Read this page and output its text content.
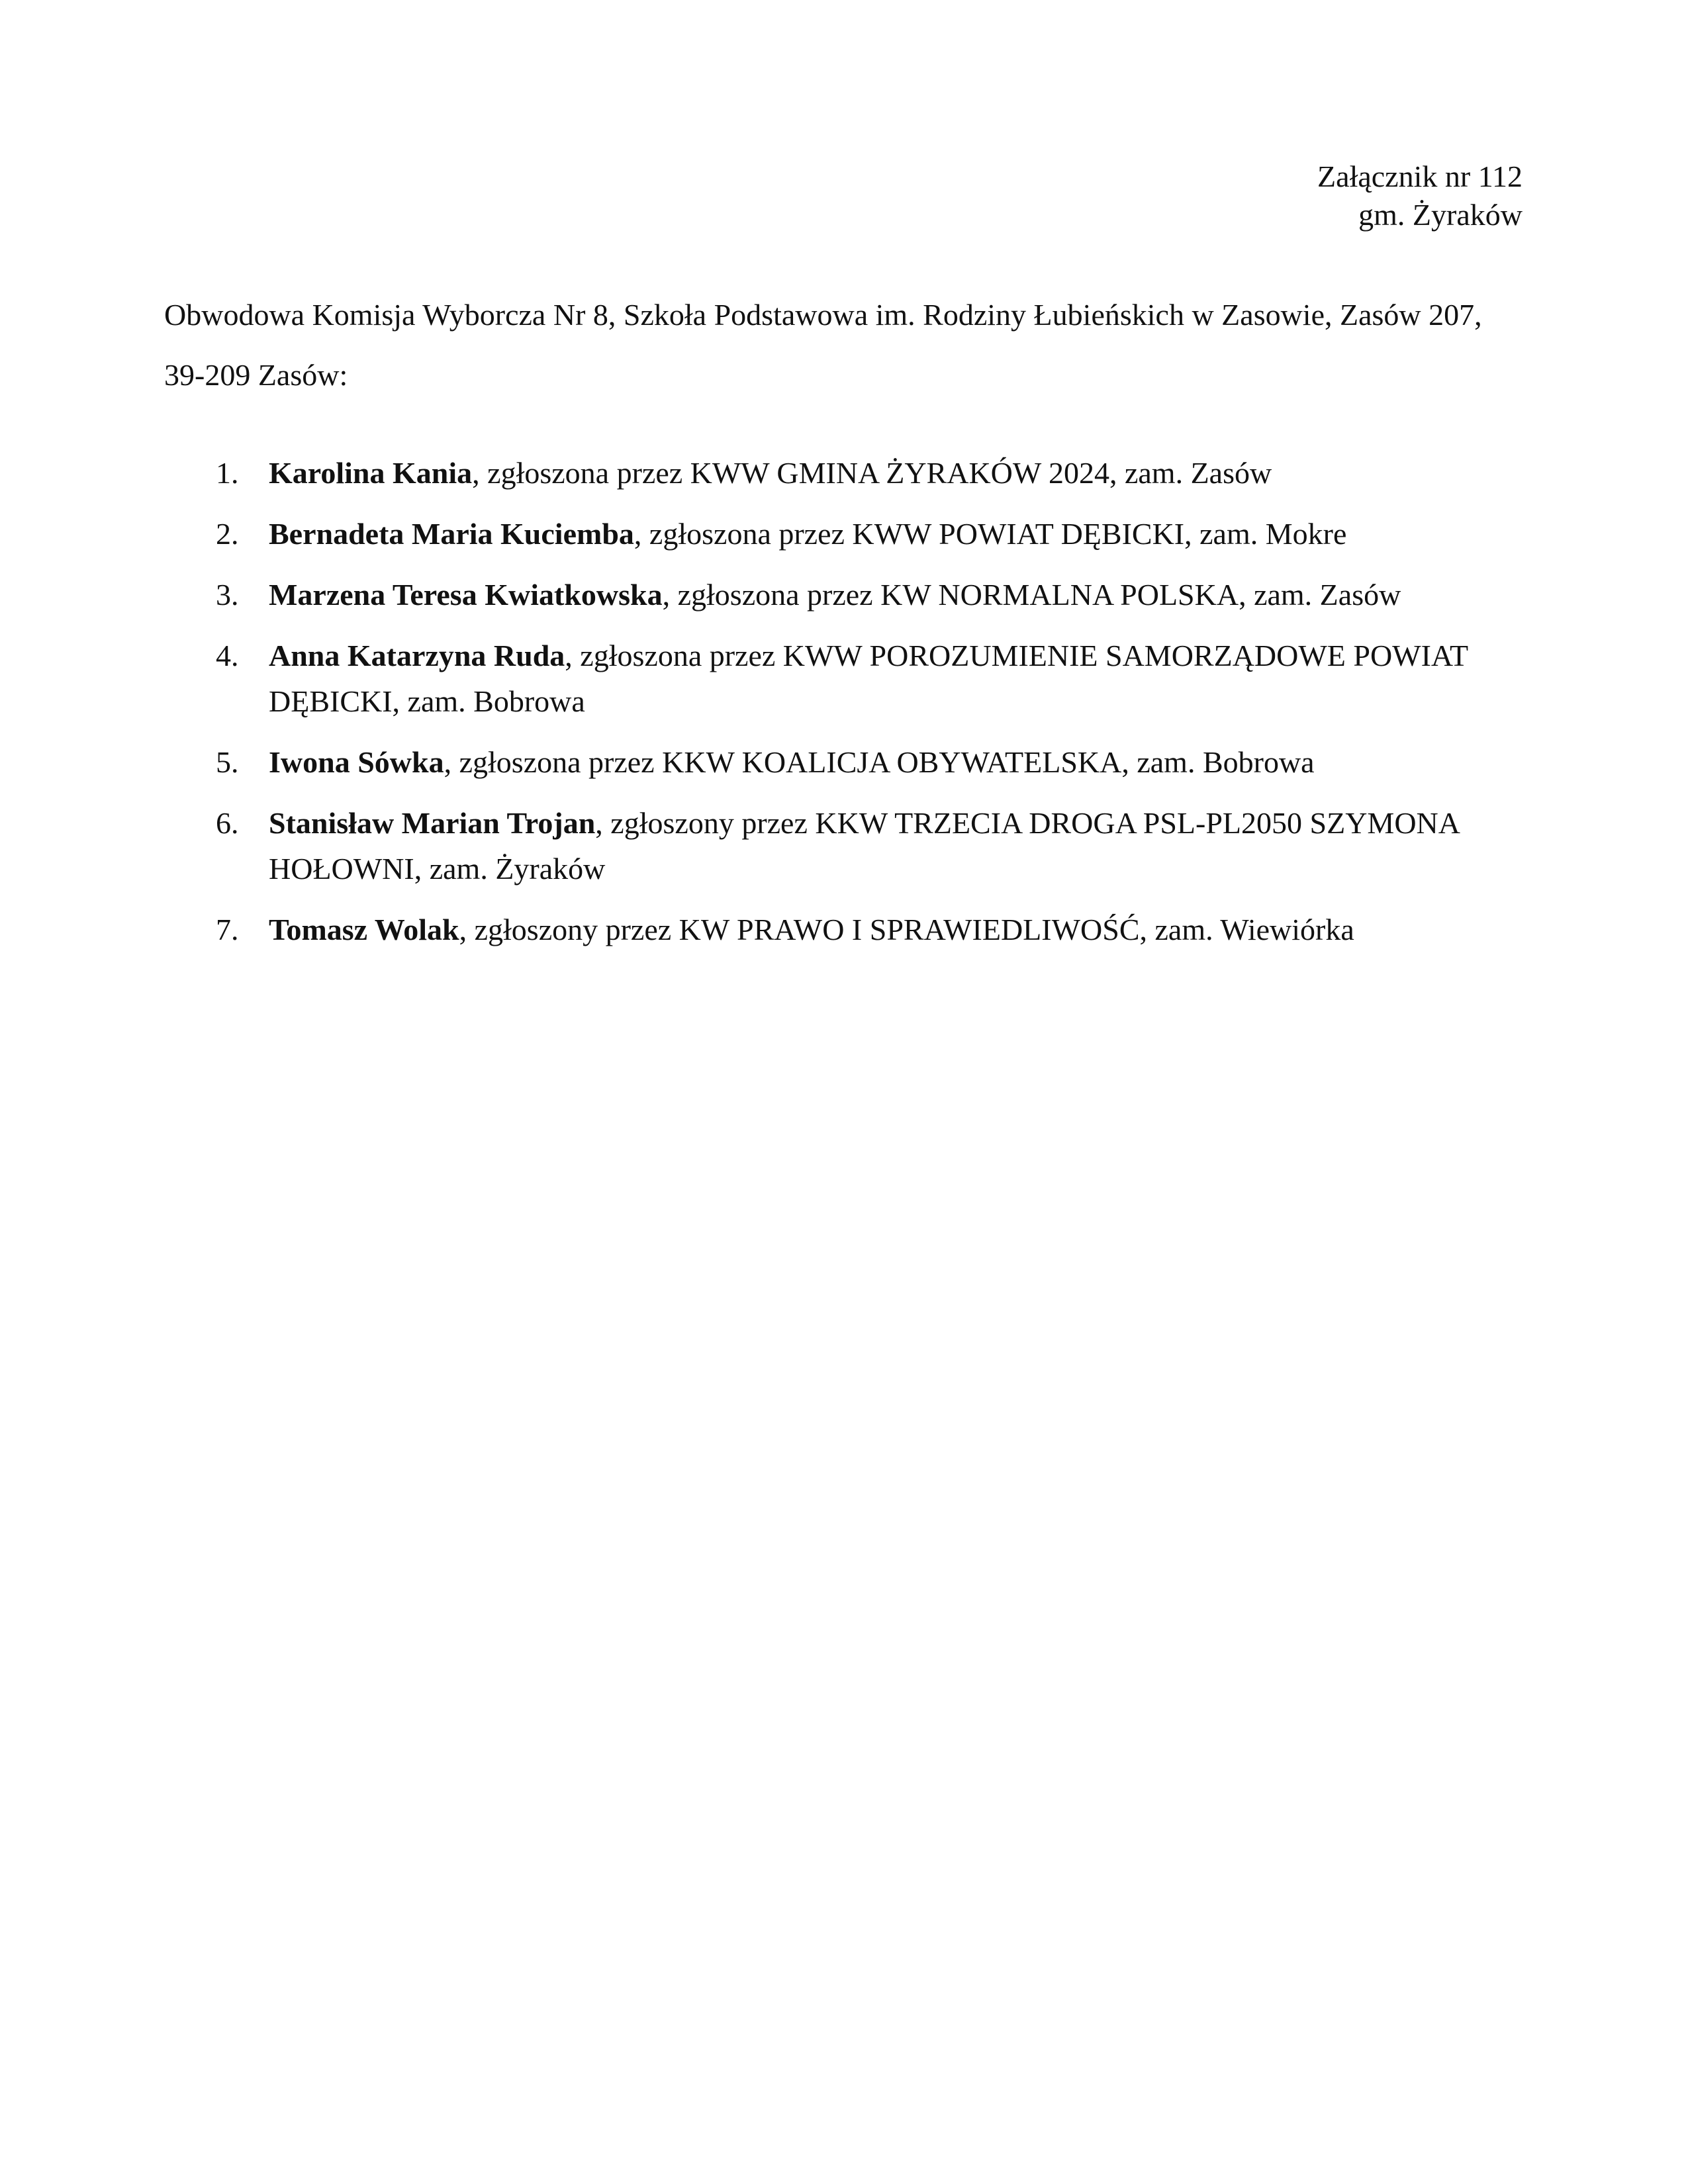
Załącznik nr 112
gm. Żyraków
Obwodowa Komisja Wyborcza Nr 8, Szkoła Podstawowa im. Rodziny Łubieńskich w Zasowie, Zasów 207,
39-209 Zasów:
1. Karolina Kania, zgłoszona przez KWW GMINA ŻYRAKÓW 2024, zam. Zasów
2. Bernadeta Maria Kuciemba, zgłoszona przez KWW POWIAT DĘBICKI, zam. Mokre
3. Marzena Teresa Kwiatkowska, zgłoszona przez KW NORMALNA POLSKA, zam. Zasów
4. Anna Katarzyna Ruda, zgłoszona przez KWW POROZUMIENIE SAMORZĄDOWE POWIAT DĘBICKI, zam. Bobrowa
5. Iwona Sówka, zgłoszona przez KKW KOALICJA OBYWATELSKA, zam. Bobrowa
6. Stanisław Marian Trojan, zgłoszony przez KKW TRZECIA DROGA PSL-PL2050 SZYMONA HOŁOWNI, zam. Żyraków
7. Tomasz Wolak, zgłoszony przez KW PRAWO I SPRAWIEDLIWOŚĆ, zam. Wiewiórka
